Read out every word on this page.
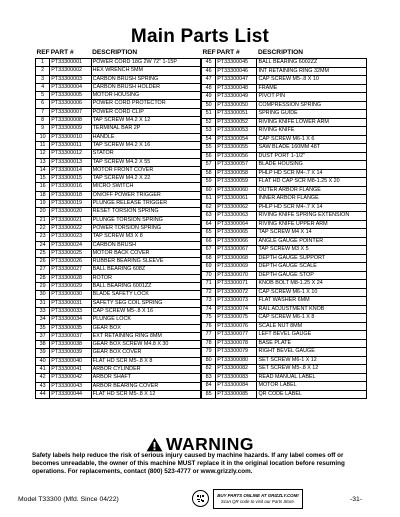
Main Parts List
REF	PART #	DESCRIPTION
1	PT33300001	POWER CORD 18G 2W 72" 1-15P
2	PT33300002	HEX WRENCH 5MM
3	PT33300003	CARBON BRUSH SPRING
4	PT33300004	CARBON BRUSH HOLDER
5	PT33300005	MOTOR HOUSING
6	PT33300006	POWER CORD PROTECTOR
7	PT33300007	POWER CORD CLIP
8	PT33300008	TAP SCREW M4.2 X 12
9	PT33300009	TERMINAL BAR 2P
10	PT33300010	HANDLE
11	PT33300011	TAP SCREW M4.2 X 16
12	PT33300012	STATOR
13	PT33300013	TAP SCREW M4.2 X 55
14	PT33300014	MOTOR FRONT COVER
15	PT33300015	TAP SCREW M4.2 X 22
16	PT33300016	MICRO SWITCH
18	PT33300018	ON/OFF POWER TRIGGER
19	PT33300019	PLUNGE RELEASE TRIGGER
20	PT33300020	RESET TORSION SPRING
21	PT33300021	PLUNGE TORSION SPRING
22	PT33300022	POWER TORSION SPRING
23	PT33300023	TAP SCREW M3 X 8
24	PT33300024	CARBON BRUSH
25	PT33300025	MOTOR BACK COVER
26	PT33300026	RUBBER BEARING SLEEVE
27	PT33300027	BALL BEARING 608Z
28	PT33300028	ROTOR
29	PT33300029	BALL BEARING 6001ZZ
30	PT33300030	BLADE SAFETY LOCK
31	PT33300031	SAFETY SEG COIL SPRING
33	PT33300033	CAP SCREW M5-.8 X 16
34	PT33300034	PLUNGE LOCK
35	PT33300035	GEAR BOX
37	PT33300037	EXT RETAINING RING 8MM
38	PT33300038	GEAR BOX SCREW M4.8 X 30
39	PT33300039	GEAR BOX COVER
40	PT33300040	FLAT HD SCR M5-.8 X 8
41	PT33300041	ARBOR CYLINDER
42	PT33300042	ARBOR SHAFT
43	PT33300043	ARBOR BEARING COVER
44	PT33300044	FLAT HD SCR M5-.8 X 12
REF	PART #	DESCRIPTION
45	PT33300045	BALL BEARING 6002ZZ
46	PT33300046	INT RETAINING RING 32MM
47	PT33300047	CAP SCREW M5-.8 X 10
48	PT33300048	FRAME
49	PT33300049	PIVOT PIN
50	PT33300050	COMPRESSION SPRING
51	PT33300051	SPRING GUIDE
52	PT33300052	RIVING KNIFE LOWER ARM
53	PT33300053	RIVING KNIFE
54	PT33300054	CAP SCREW M6-1 X 6
55	PT33300055	SAW BLADE 160MM 48T
56	PT33300056	DUST PORT 1-1/2"
57	PT33300057	BLADE HOUSING
58	PT33300058	PHLP HD SCR M4-.7 X 14
59	PT33300059	FLAT HD CAP SCR M8-1.25 X 20
60	PT33300060	OUTER ARBOR FLANGE
61	PT33300061	INNER ARBOR FLANGE
62	PT33300062	PHLP HD SCR M4-.7 X 14
63	PT33300063	RIVING KNIFE SPRING EXTENSION
64	PT33300064	RIVING KNIFE UPPER ARM
65	PT33300065	TAP SCREW M4 X 14
66	PT33300066	ANGLE GAUGE POINTER
67	PT33300067	TAP SCREW M3 X 5
68	PT33300068	DEPTH GAUGE SUPPORT
69	PT33300069	DEPTH GAUGE SCALE
70	PT33300070	DEPTH GAUGE STOP
71	PT33300071	KNOB BOLT M8-1.25 X 24
72	PT33300072	CAP SCREW M6-1 X 10
73	PT33300073	FLAT WASHER 6MM
74	PT33300074	RAIL ADJUSTMENT KNOB
75	PT33300075	CAP SCREW M6-1 X 8
76	PT33300076	SCALE NUT 8MM
77	PT33300077	LEFT BEVEL GAUGE
78	PT33300078	BASE PLATE
79	PT33300079	RIGHT BEVEL GAUGE
80	PT33300080	SET SCREW M6-1 X 12
82	PT33300082	SET SCREW M5-.8 X 12
83	PT33300083	READ MANUAL LABEL
84	PT33300084	MOTOR LABEL
85	PT33300085	QR CODE LABEL
WARNING
Safety labels help reduce the risk of serious injury caused by machine hazards. If any label comes off or becomes unreadable, the owner of this machine MUST replace it in the original location before resuming operations. For replacements, contact (800) 523-4777 or www.grizzly.com.
Model T33300 (Mfd. Since 04/22)
BUY PARTS ONLINE AT GRIZZLY.COM!
Scan QR code to visit our Parts Store.	-31-
